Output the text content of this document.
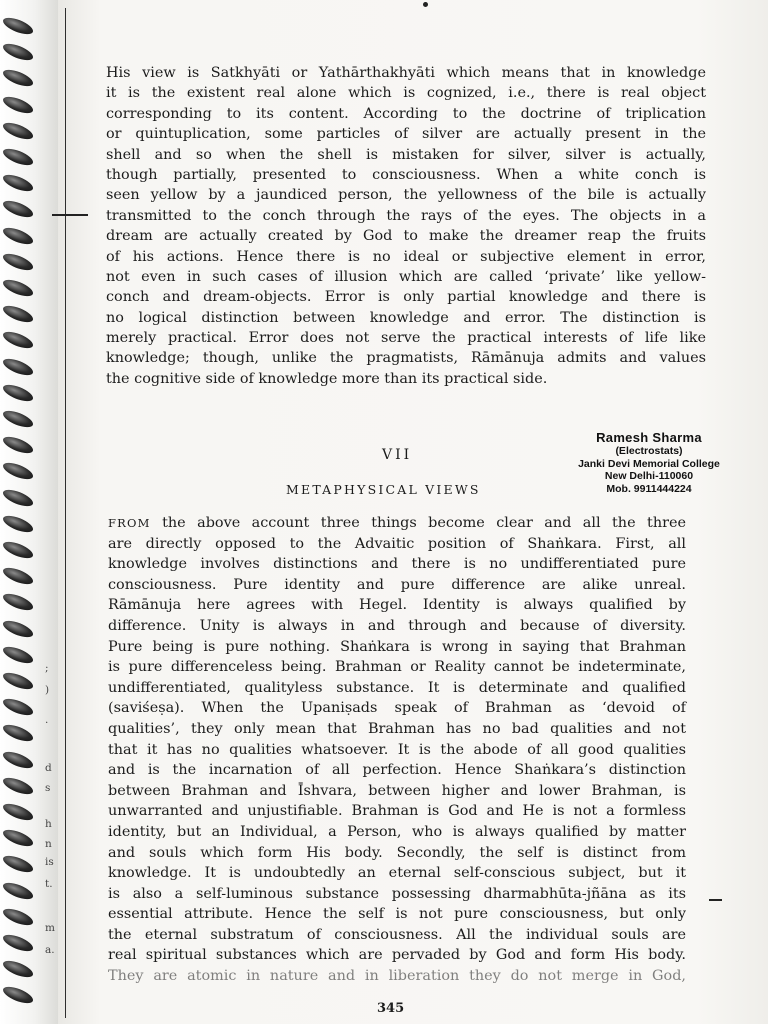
His view is Satkhyāti or Yathārthakhyāti which means that in knowledge
it is the existent real alone which is cognized, i.e., there is real object
corresponding to its content. According to the doctrine of triplication
or quintuplication, some particles of silver are actually present in the
shell and so when the shell is mistaken for silver, silver is actually,
though partially, presented to consciousness. When a white conch is
seen yellow by a jaundiced person, the yellowness of the bile is actually
transmitted to the conch through the rays of the eyes. The objects in a
dream are actually created by God to make the dreamer reap the fruits
of his actions. Hence there is no ideal or subjective element in error,
not even in such cases of illusion which are called ‘private’ like yellow-
conch and dream-objects. Error is only partial knowledge and there is
no logical distinction between knowledge and error. The distinction is
merely practical. Error does not serve the practical interests of life like
knowledge; though, unlike the pragmatists, Rāmānuja admits and values
the cognitive side of knowledge more than its practical side.
VII
METAPHYSICAL VIEWS
Ramesh Sharma
(Electrostats)
Janki Devi Memorial College
New Delhi-110060
Mob. 9911444224
FROM the above account three things become clear and all the three
are directly opposed to the Advaitic position of Shaṅkara. First, all
knowledge involves distinctions and there is no undifferentiated pure
consciousness. Pure identity and pure difference are alike unreal.
Rāmānuja here agrees with Hegel. Identity is always qualified by
difference. Unity is always in and through and because of diversity.
Pure being is pure nothing. Shaṅkara is wrong in saying that Brahman
is pure differenceless being. Brahman or Reality cannot be indeterminate,
undifferentiated, qualityless substance. It is determinate and qualified
(saviśeṣa). When the Upaniṣads speak of Brahman as ‘devoid of
qualities’, they only mean that Brahman has no bad qualities and not
that it has no qualities whatsoever. It is the abode of all good qualities
and is the incarnation of all perfection. Hence Shaṅkara’s distinction
between Brahman and Īshvara, between higher and lower Brahman, is
unwarranted and unjustifiable. Brahman is God and He is not a formless
identity, but an Individual, a Person, who is always qualified by matter
and souls which form His body. Secondly, the self is distinct from
knowledge. It is undoubtedly an eternal self-conscious subject, but it
is also a self-luminous substance possessing dharmabhūta-jñāna as its
essential attribute. Hence the self is not pure consciousness, but only
the eternal substratum of consciousness. All the individual souls are
real spiritual substances which are pervaded by God and form His body.
They are atomic in nature and in liberation they do not merge in God,
;
)
.
d
s
h
n
is
t.
m
a.
345
